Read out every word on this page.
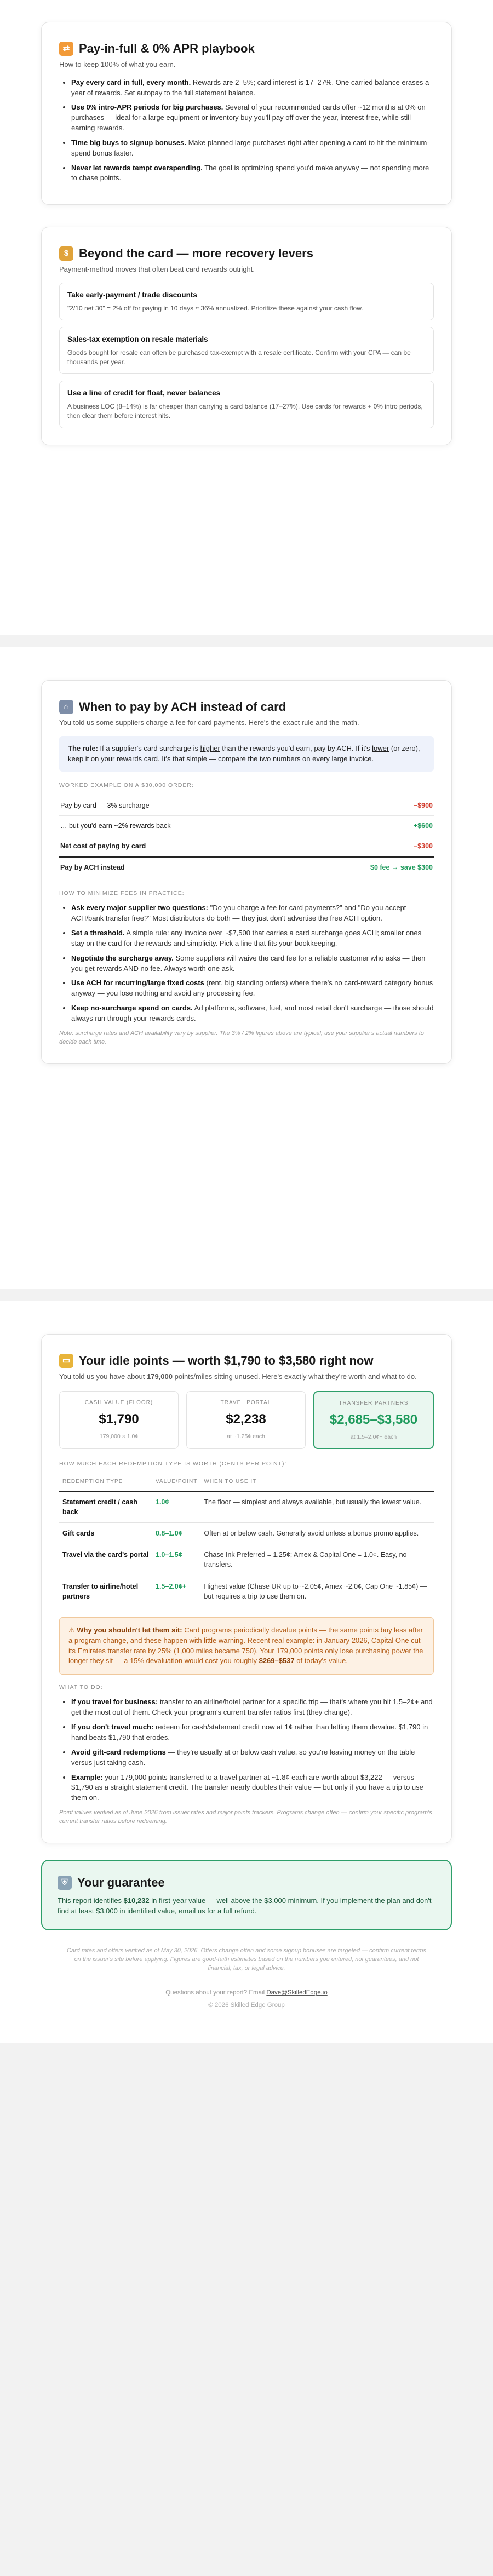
⇄ Pay-in-full & 0% APR playbook
How to keep 100% of what you earn.
• Pay every card in full, every month. Rewards are 2–5%; card interest is 17–27%. One carried balance erases a year of rewards. Set autopay to the full statement balance.
• Use 0% intro-APR periods for big purchases. Several of your recommended cards offer ~12 months at 0% on purchases — ideal for a large equipment or inventory buy you'll pay off over the year, interest-free, while still earning rewards.
• Time big buys to signup bonuses. Make planned large purchases right after opening a card to hit the minimum-spend bonus faster.
• Never let rewards tempt overspending. The goal is optimizing spend you'd make anyway — not spending more to chase points.
$ Beyond the card — more recovery levers
Payment-method moves that often beat card rewards outright.
Take early-payment / trade discounts
"2/10 net 30" = 2% off for paying in 10 days ≈ 36% annualized. Prioritize these against your cash flow.
Sales-tax exemption on resale materials
Goods bought for resale can often be purchased tax-exempt with a resale certificate. Confirm with your CPA — can be thousands per year.
Use a line of credit for float, never balances
A business LOC (8–14%) is far cheaper than carrying a card balance (17–27%). Use cards for rewards + 0% intro periods, then clear them before interest hits.
⌂ When to pay by ACH instead of card
You told us some suppliers charge a fee for card payments. Here's the exact rule and the math.
The rule: If a supplier's card surcharge is higher than the rewards you'd earn, pay by ACH. If it's lower (or zero), keep it on your rewards card. It's that simple — compare the two numbers on every large invoice.
WORKED EXAMPLE ON A $30,000 ORDER:
Pay by card — 3% surcharge	−$900
… but you'd earn ~2% rewards back	+$600
Net cost of paying by card	−$300
Pay by ACH instead	$0 fee → save $300
HOW TO MINIMIZE FEES IN PRACTICE:
• Ask every major supplier two questions: "Do you charge a fee for card payments?" and "Do you accept ACH/bank transfer free?" Most distributors do both — they just don't advertise the free ACH option.
• Set a threshold. A simple rule: any invoice over ~$7,500 that carries a card surcharge goes ACH; smaller ones stay on the card for the rewards and simplicity. Pick a line that fits your bookkeeping.
• Negotiate the surcharge away. Some suppliers will waive the card fee for a reliable customer who asks — then you get rewards AND no fee. Always worth one ask.
• Use ACH for recurring/large fixed costs (rent, big standing orders) where there's no card-reward category bonus anyway — you lose nothing and avoid any processing fee.
• Keep no-surcharge spend on cards. Ad platforms, software, fuel, and most retail don't surcharge — those should always run through your rewards cards.
Note: surcharge rates and ACH availability vary by supplier. The 3% / 2% figures above are typical; use your supplier's actual numbers to decide each time.
▭ Your idle points — worth $1,790 to $3,580 right now
You told us you have about 179,000 points/miles sitting unused. Here's exactly what they're worth and what to do.
CASH VALUE (FLOOR)
$1,790
179,000 × 1.0¢
TRAVEL PORTAL
$2,238
at ~1.25¢ each
TRANSFER PARTNERS
$2,685–$3,580
at 1.5–2.0¢+ each
HOW MUCH EACH REDEMPTION TYPE IS WORTH (CENTS PER POINT):
REDEMPTION TYPE	VALUE/POINT	WHEN TO USE IT
Statement credit / cash back	1.0¢	The floor — simplest and always available, but usually the lowest value.
Gift cards	0.8–1.0¢	Often at or below cash. Generally avoid unless a bonus promo applies.
Travel via the card's portal	1.0–1.5¢	Chase Ink Preferred = 1.25¢; Amex & Capital One = 1.0¢. Easy, no transfers.
Transfer to airline/hotel partners	1.5–2.0¢+	Highest value (Chase UR up to ~2.05¢, Amex ~2.0¢, Cap One ~1.85¢) — but requires a trip to use them on.
⚠ Why you shouldn't let them sit: Card programs periodically devalue points — the same points buy less after a program change, and these happen with little warning. Recent real example: in January 2026, Capital One cut its Emirates transfer rate by 25% (1,000 miles became 750). Your 179,000 points only lose purchasing power the longer they sit — a 15% devaluation would cost you roughly $269–$537 of today's value.
WHAT TO DO:
• If you travel for business: transfer to an airline/hotel partner for a specific trip — that's where you hit 1.5–2¢+ and get the most out of them. Check your program's current transfer ratios first (they change).
• If you don't travel much: redeem for cash/statement credit now at 1¢ rather than letting them devalue. $1,790 in hand beats $1,790 that erodes.
• Avoid gift-card redemptions — they're usually at or below cash value, so you're leaving money on the table versus just taking cash.
• Example: your 179,000 points transferred to a travel partner at ~1.8¢ each are worth about $3,222 — versus $1,790 as a straight statement credit. The transfer nearly doubles their value — but only if you have a trip to use them on.
Point values verified as of June 2026 from issuer rates and major points trackers. Programs change often — confirm your specific program's current transfer ratios before redeeming.
⛨ Your guarantee
This report identifies $10,232 in first-year value — well above the $3,000 minimum. If you implement the plan and don't find at least $3,000 in identified value, email us for a full refund.
Card rates and offers verified as of May 30, 2026. Offers change often and some signup bonuses are targeted — confirm current terms on the issuer's site before applying. Figures are good-faith estimates based on the numbers you entered, not guarantees, and not financial, tax, or legal advice.
Questions about your report? Email Dave@SkilledEdge.io
© 2026 Skilled Edge Group
